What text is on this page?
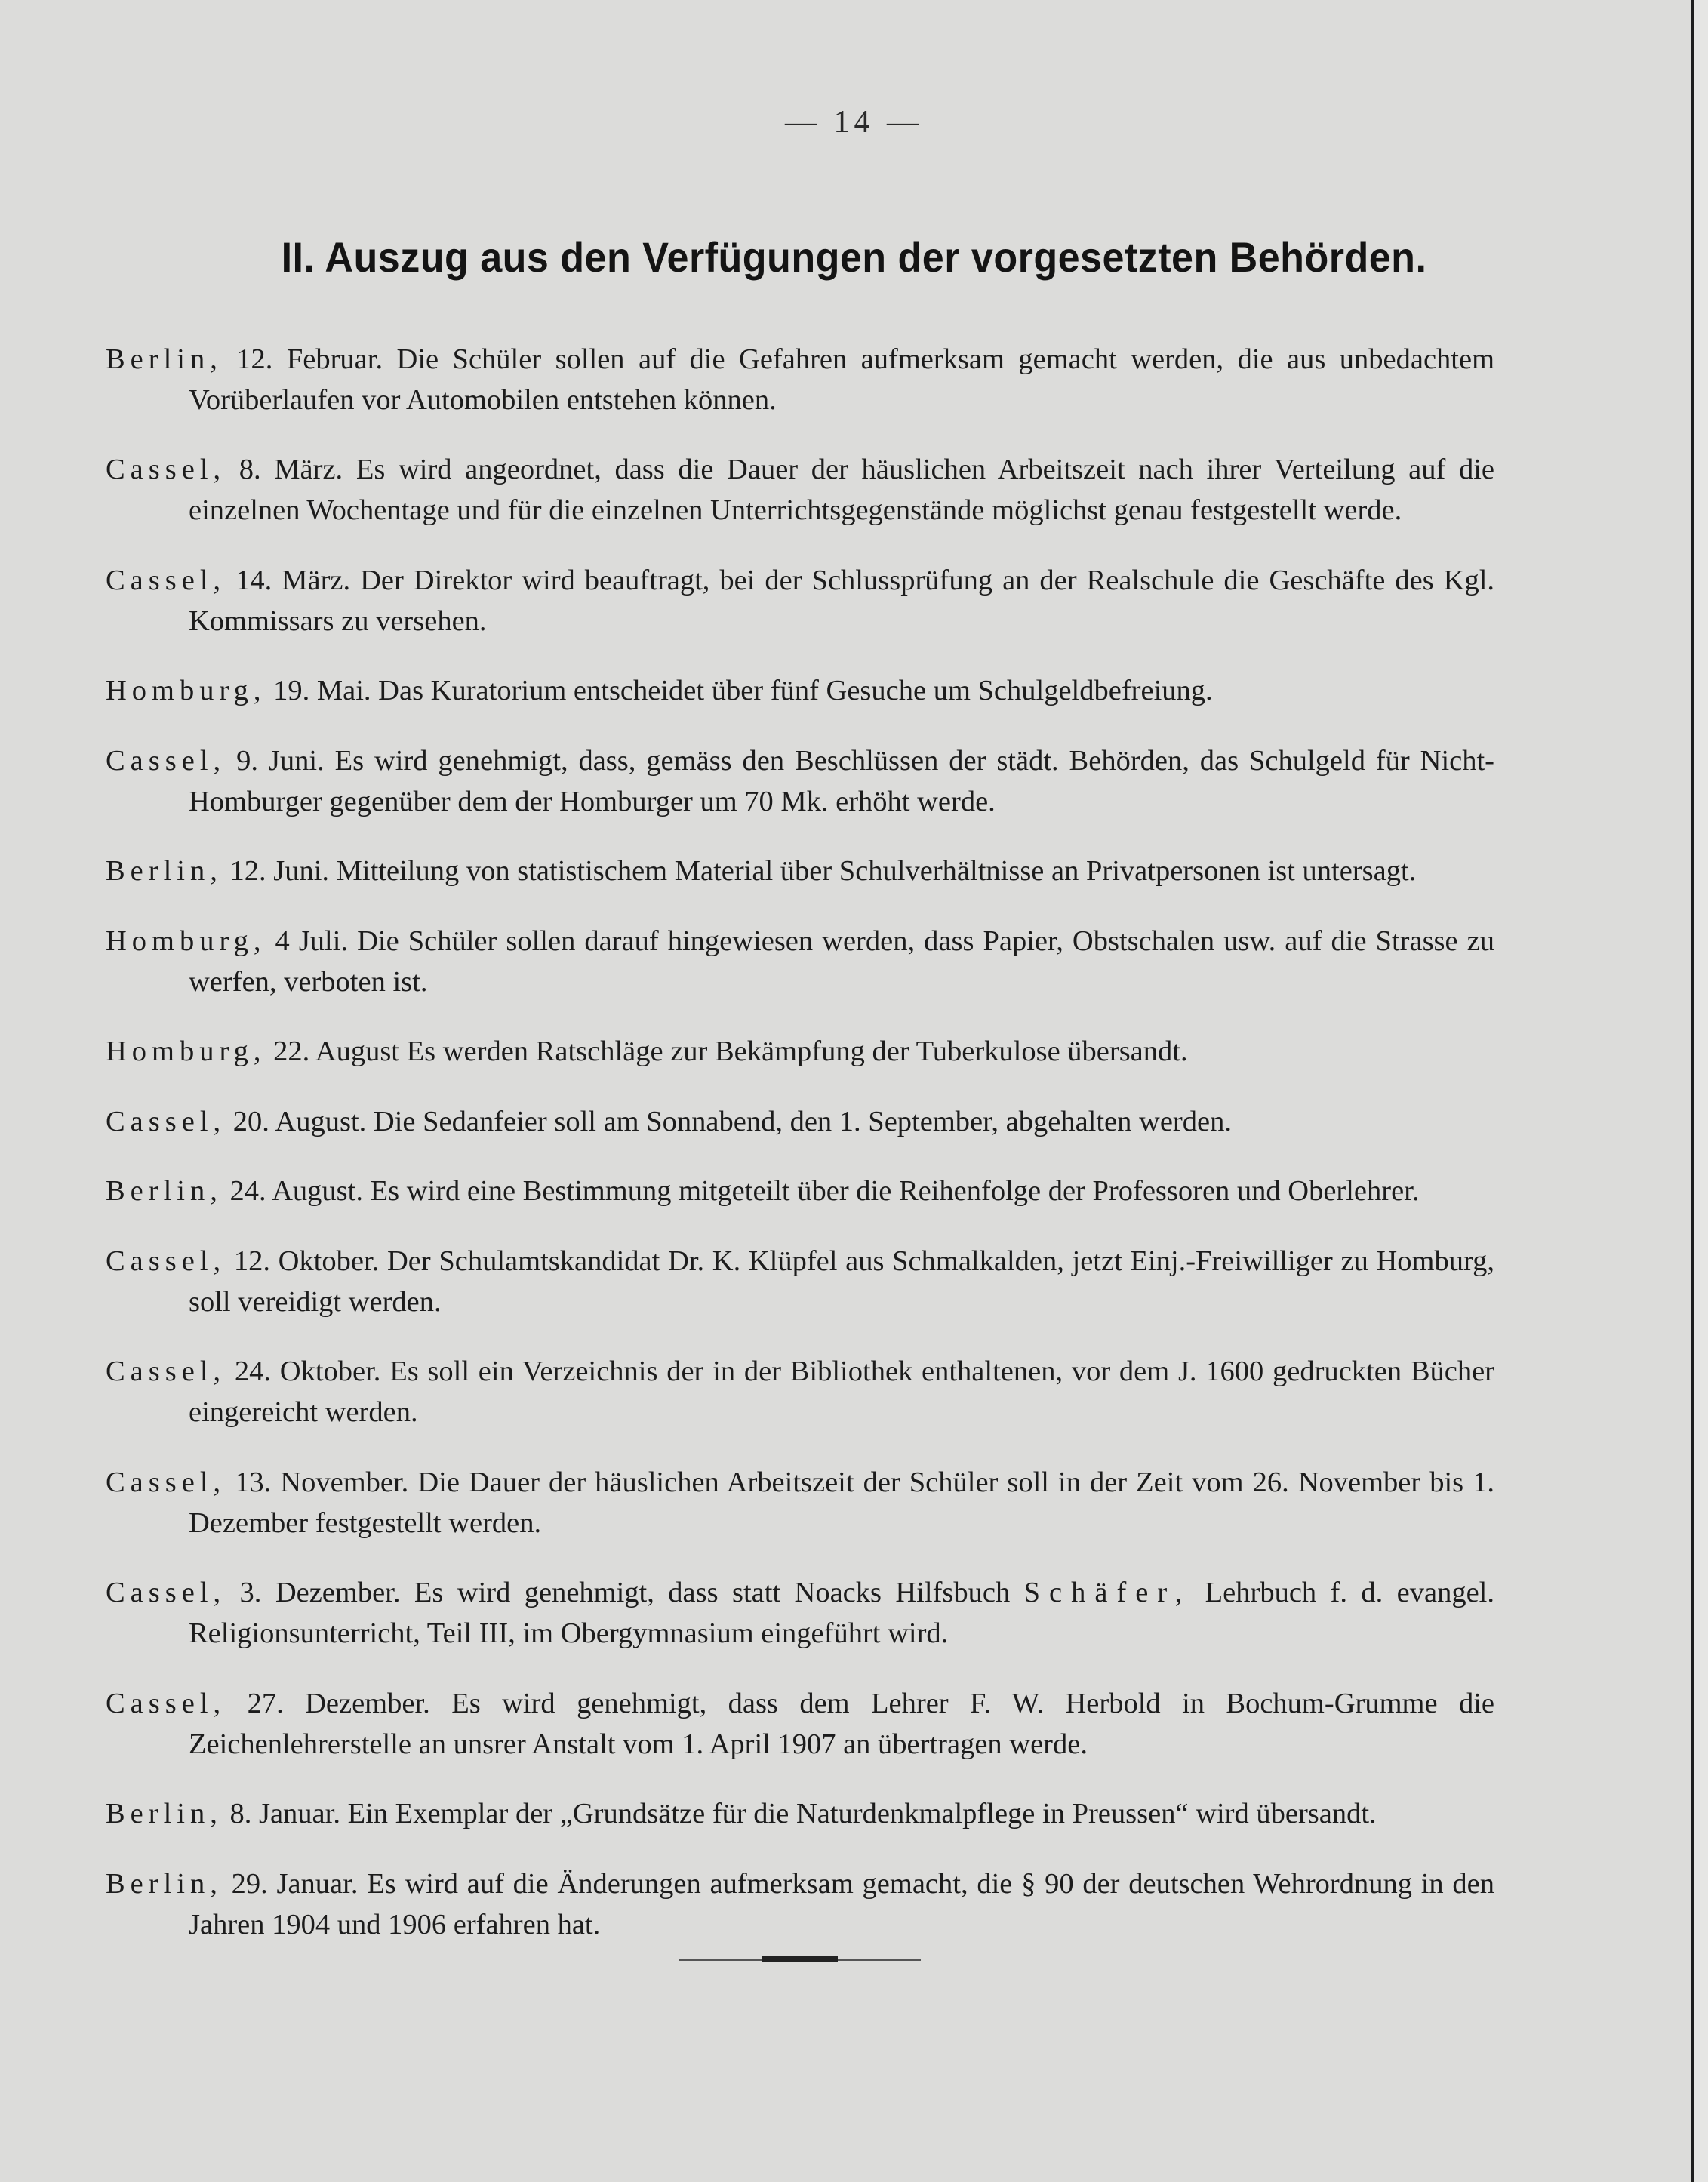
— 14 —
II. Auszug aus den Verfügungen der vorgesetzten Behörden.

Berlin, 12. Februar. Die Schüler sollen auf die Gefahren aufmerksam gemacht werden, die aus unbedachtem Vorüberlaufen vor Automobilen entstehen können.

Cassel, 8. März. Es wird angeordnet, dass die Dauer der häuslichen Arbeitszeit nach ihrer Verteilung auf die einzelnen Wochentage und für die einzelnen Unterrichtsgegenstände möglichst genau festgestellt werde.

Cassel, 14. März. Der Direktor wird beauftragt, bei der Schlussprüfung an der Realschule die Geschäfte des Kgl. Kommissars zu versehen.

Homburg, 19. Mai. Das Kuratorium entscheidet über fünf Gesuche um Schulgeldbefreiung.

Cassel, 9. Juni. Es wird genehmigt, dass, gemäss den Beschlüssen der städt. Behörden, das Schulgeld für Nicht-Homburger gegenüber dem der Homburger um 70 Mk. erhöht werde.

Berlin, 12. Juni. Mitteilung von statistischem Material über Schulverhältnisse an Privatpersonen ist untersagt.

Homburg, 4 Juli. Die Schüler sollen darauf hingewiesen werden, dass Papier, Obstschalen usw. auf die Strasse zu werfen, verboten ist.

Homburg, 22. August Es werden Ratschläge zur Bekämpfung der Tuberkulose übersandt.

Cassel, 20. August. Die Sedanfeier soll am Sonnabend, den 1. September, abgehalten werden.

Berlin, 24. August. Es wird eine Bestimmung mitgeteilt über die Reihenfolge der Professoren und Oberlehrer.

Cassel, 12. Oktober. Der Schulamtskandidat Dr. K. Klüpfel aus Schmalkalden, jetzt Einj.-Freiwilliger zu Homburg, soll vereidigt werden.

Cassel, 24. Oktober. Es soll ein Verzeichnis der in der Bibliothek enthaltenen, vor dem J. 1600 gedruckten Bücher eingereicht werden.

Cassel, 13. November. Die Dauer der häuslichen Arbeitszeit der Schüler soll in der Zeit vom 26. November bis 1. Dezember festgestellt werden.

Cassel, 3. Dezember. Es wird genehmigt, dass statt Noacks Hilfsbuch Schäfer, Lehrbuch f. d. evangel. Religionsunterricht, Teil III, im Obergymnasium eingeführt wird.

Cassel, 27. Dezember. Es wird genehmigt, dass dem Lehrer F. W. Herbold in Bochum-Grumme die Zeichenlehrerstelle an unsrer Anstalt vom 1. April 1907 an übertragen werde.

Berlin, 8. Januar. Ein Exemplar der „Grundsätze für die Naturdenkmalpflege in Preussen“ wird übersandt.

Berlin, 29. Januar. Es wird auf die Änderungen aufmerksam gemacht, die § 90 der deutschen Wehrordnung in den Jahren 1904 und 1906 erfahren hat.
